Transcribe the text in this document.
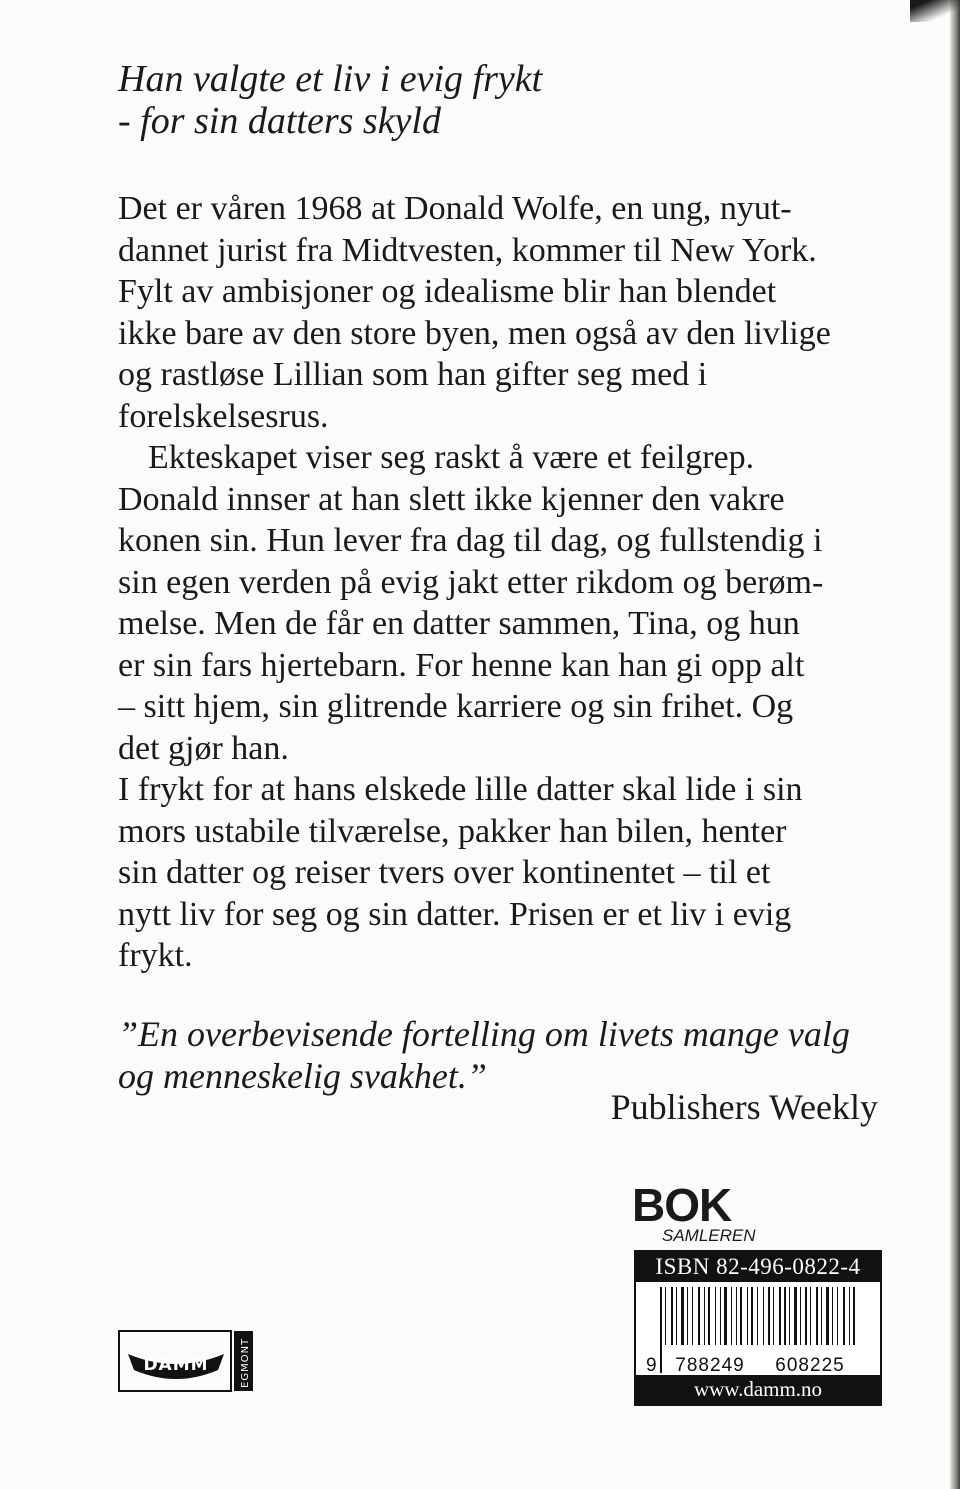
Han valgte et liv i evig frykt
- for sin datters skyld
Det er våren 1968 at Donald Wolfe, en ung, nyut-
dannet jurist fra Midtvesten, kommer til New York.
Fylt av ambisjoner og idealisme blir han blendet
ikke bare av den store byen, men også av den livlige
og rastløse Lillian som han gifter seg med i
forelskelsesrus.
Ekteskapet viser seg raskt å være et feilgrep.
Donald innser at han slett ikke kjenner den vakre
konen sin. Hun lever fra dag til dag, og fullstendig i
sin egen verden på evig jakt etter rikdom og berøm-
melse. Men de får en datter sammen, Tina, og hun
er sin fars hjertebarn. For henne kan han gi opp alt
– sitt hjem, sin glitrende karriere og sin frihet. Og
det gjør han.
I frykt for at hans elskede lille datter skal lide i sin
mors ustabile tilværelse, pakker han bilen, henter
sin datter og reiser tvers over kontinentet – til et
nytt liv for seg og sin datter. Prisen er et liv i evig
frykt.
”En overbevisende fortelling om livets mange valg
og menneskelig svakhet.”
Publishers Weekly
BOK
SAMLEREN
ISBN 82-496-0822-4
9 788249 608225
www.damm.no
DAMM	EGMONT
